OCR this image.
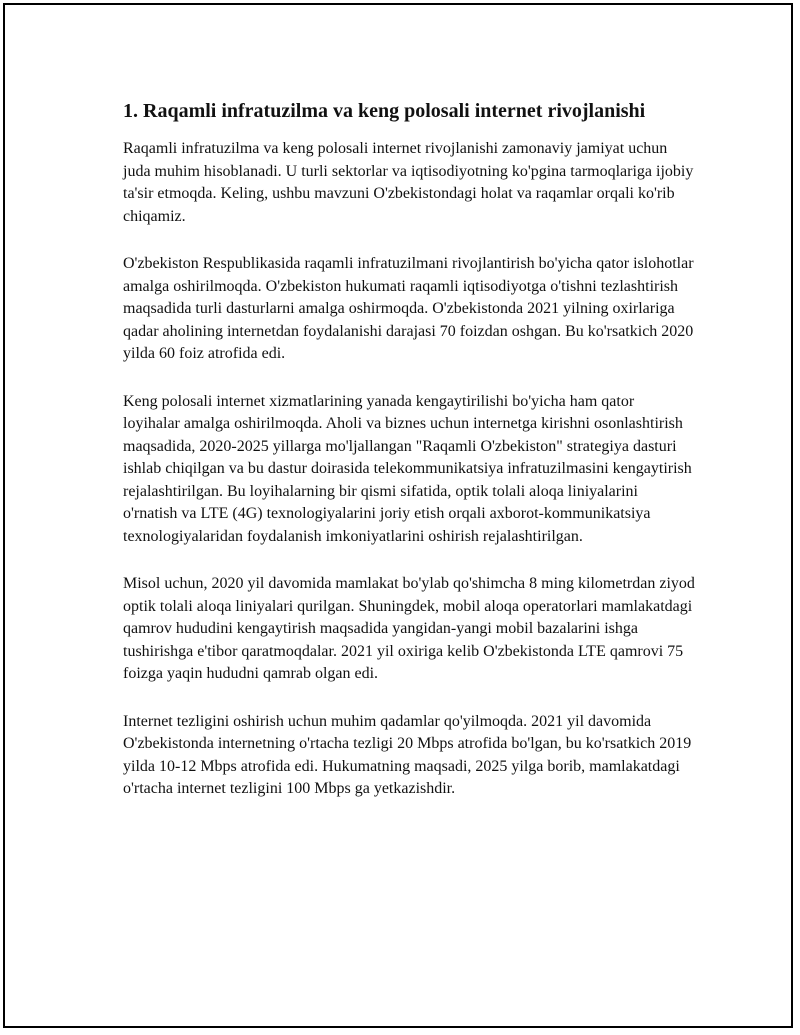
1. Raqamli infratuzilma va keng polosali internet rivojlanishi

Raqamli infratuzilma va keng polosali internet rivojlanishi zamonaviy jamiyat uchun juda muhim hisoblanadi. U turli sektorlar va iqtisodiyotning ko'pgina tarmoqlariga ijobiy ta'sir etmoqda. Keling, ushbu mavzuni O'zbekistondagi holat va raqamlar orqali ko'rib chiqamiz.

O'zbekiston Respublikasida raqamli infratuzilmani rivojlantirish bo'yicha qator islohotlar amalga oshirilmoqda. O'zbekiston hukumati raqamli iqtisodiyotga o'tishni tezlashtirish maqsadida turli dasturlarni amalga oshirmoqda. O'zbekistonda 2021 yilning oxirlariga qadar aholining internetdan foydalanishi darajasi 70 foizdan oshgan. Bu ko'rsatkich 2020 yilda 60 foiz atrofida edi.

Keng polosali internet xizmatlarining yanada kengaytirilishi bo'yicha ham qator loyihalar amalga oshirilmoqda. Aholi va biznes uchun internetga kirishni osonlashtirish maqsadida, 2020-2025 yillarga mo'ljallangan "Raqamli O'zbekiston" strategiya dasturi ishlab chiqilgan va bu dastur doirasida telekommunikatsiya infratuzilmasini kengaytirish rejalashtirilgan. Bu loyihalarning bir qismi sifatida, optik tolali aloqa liniyalarini o'rnatish va LTE (4G) texnologiyalarini joriy etish orqali axborot-kommunikatsiya texnologiyalaridan foydalanish imkoniyatlarini oshirish rejalashtirilgan.

Misol uchun, 2020 yil davomida mamlakat bo'ylab qo'shimcha 8 ming kilometrdan ziyod optik tolali aloqa liniyalari qurilgan. Shuningdek, mobil aloqa operatorlari mamlakatdagi qamrov hududini kengaytirish maqsadida yangidan-yangi mobil bazalarini ishga tushirishga e'tibor qaratmoqdalar. 2021 yil oxiriga kelib O'zbekistonda LTE qamrovi 75 foizga yaqin hududni qamrab olgan edi.

Internet tezligini oshirish uchun muhim qadamlar qo'yilmoqda. 2021 yil davomida O'zbekistonda internetning o'rtacha tezligi 20 Mbps atrofida bo'lgan, bu ko'rsatkich 2019 yilda 10-12 Mbps atrofida edi. Hukumatning maqsadi, 2025 yilga borib, mamlakatdagi o'rtacha internet tezligini 100 Mbps ga yetkazishdir.
